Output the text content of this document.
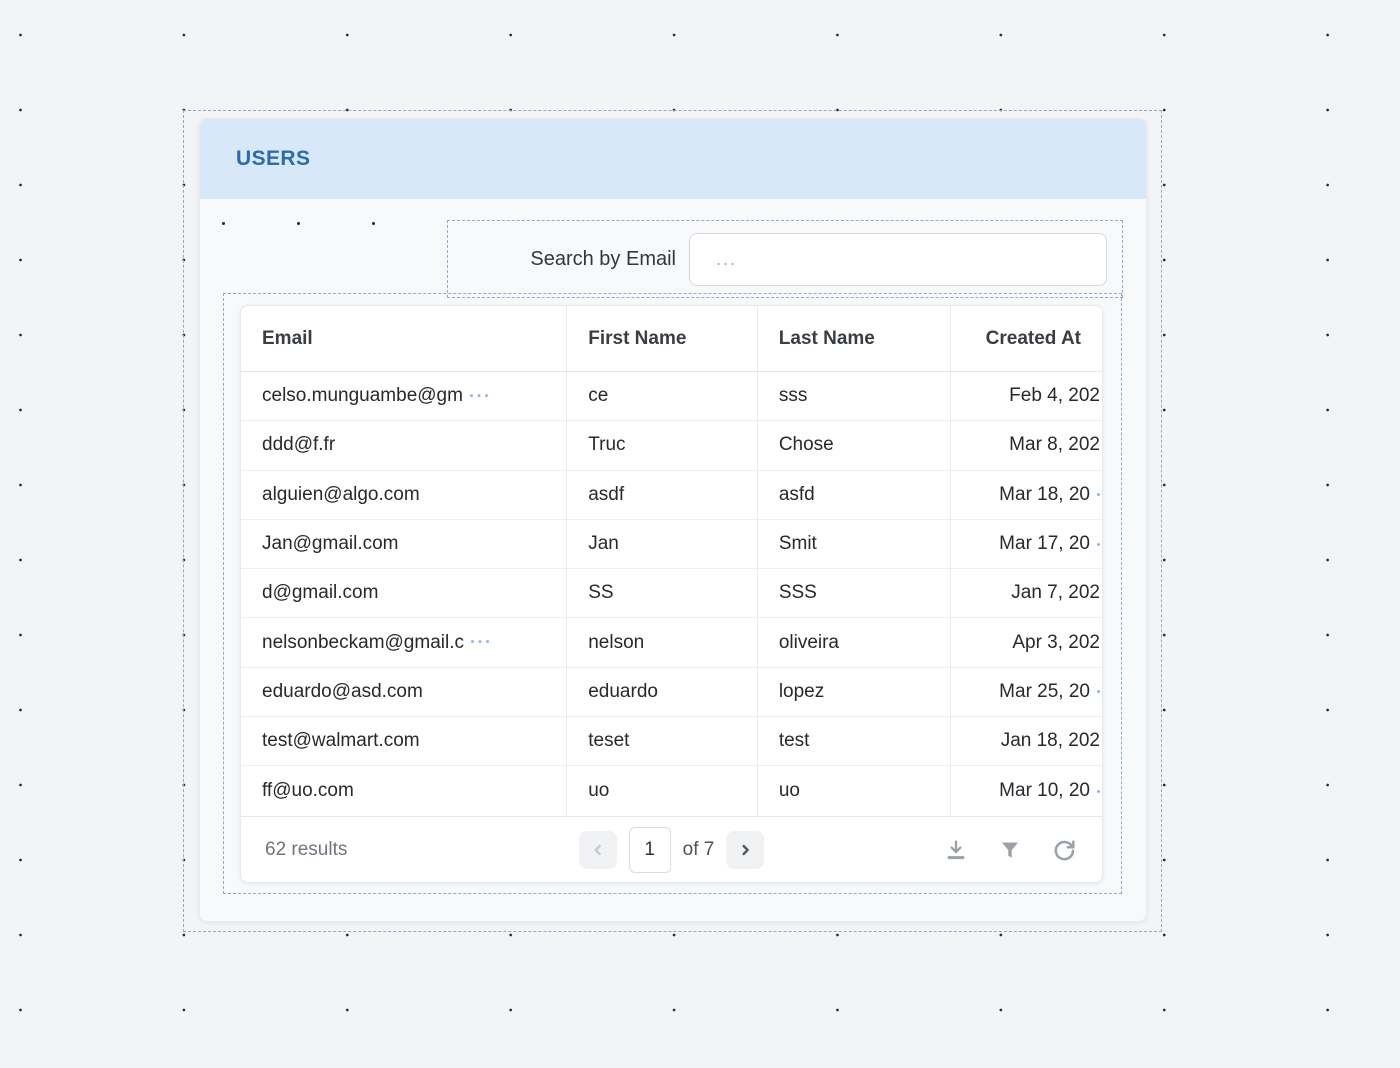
USERS
Search by Email
...
Email	First Name	Last Name	Created At
celso.munguambe@gm ···	ce	sss	Feb 4, 202
ddd@f.fr	Truc	Chose	Mar 8, 202
alguien@algo.com	asdf	asfd	Mar 18, 20
Jan@gmail.com	Jan	Smit	Mar 17, 20
d@gmail.com	SS	SSS	Jan 7, 202
nelsonbeckam@gmail.c ···	nelson	oliveira	Apr 3, 202
eduardo@asd.com	eduardo	lopez	Mar 25, 20
test@walmart.com	teset	test	Jan 18, 202
ff@uo.com	uo	uo	Mar 10, 20
62 results	1 of 7
